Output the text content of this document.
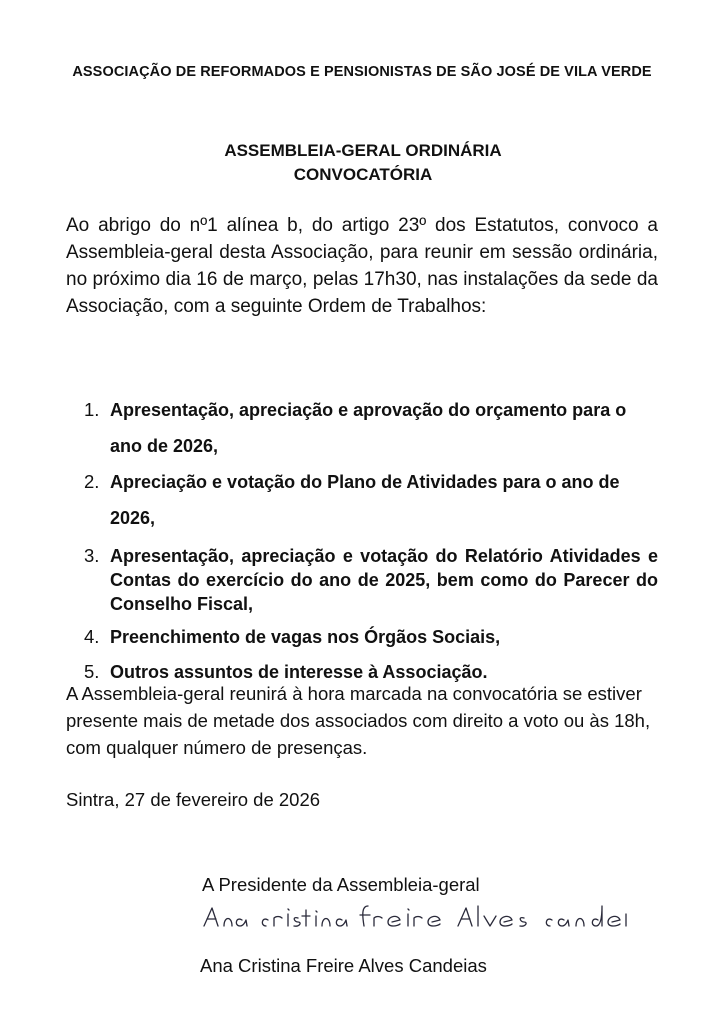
ASSOCIAÇÃO DE REFORMADOS E PENSIONISTAS DE SÃO JOSÉ DE VILA VERDE
ASSEMBLEIA-GERAL ORDINÁRIA
CONVOCATÓRIA

Ao abrigo do nº1 alínea b, do artigo 23º dos Estatutos, convoco a Assembleia-geral desta Associação, para reunir em sessão ordinária, no próximo dia 16 de março, pelas 17h30, nas instalações da sede da Associação, com a seguinte Ordem de Trabalhos:

1. Apresentação, apreciação e aprovação do orçamento para o ano de 2026,
2. Apreciação e votação do Plano de Atividades para o ano de 2026,
3. Apresentação, apreciação e votação do Relatório Atividades e Contas do exercício do ano de 2025, bem como do Parecer do Conselho Fiscal,
4. Preenchimento de vagas nos Órgãos Sociais,
5. Outros assuntos de interesse à Associação.

A Assembleia-geral reunirá à hora marcada na convocatória se estiver presente mais de metade dos associados com direito a voto ou às 18h, com qualquer número de presenças.

Sintra, 27 de fevereiro de 2026
A Presidente da Assembleia-geral
Ana Cristina Freire Alves Candeias
